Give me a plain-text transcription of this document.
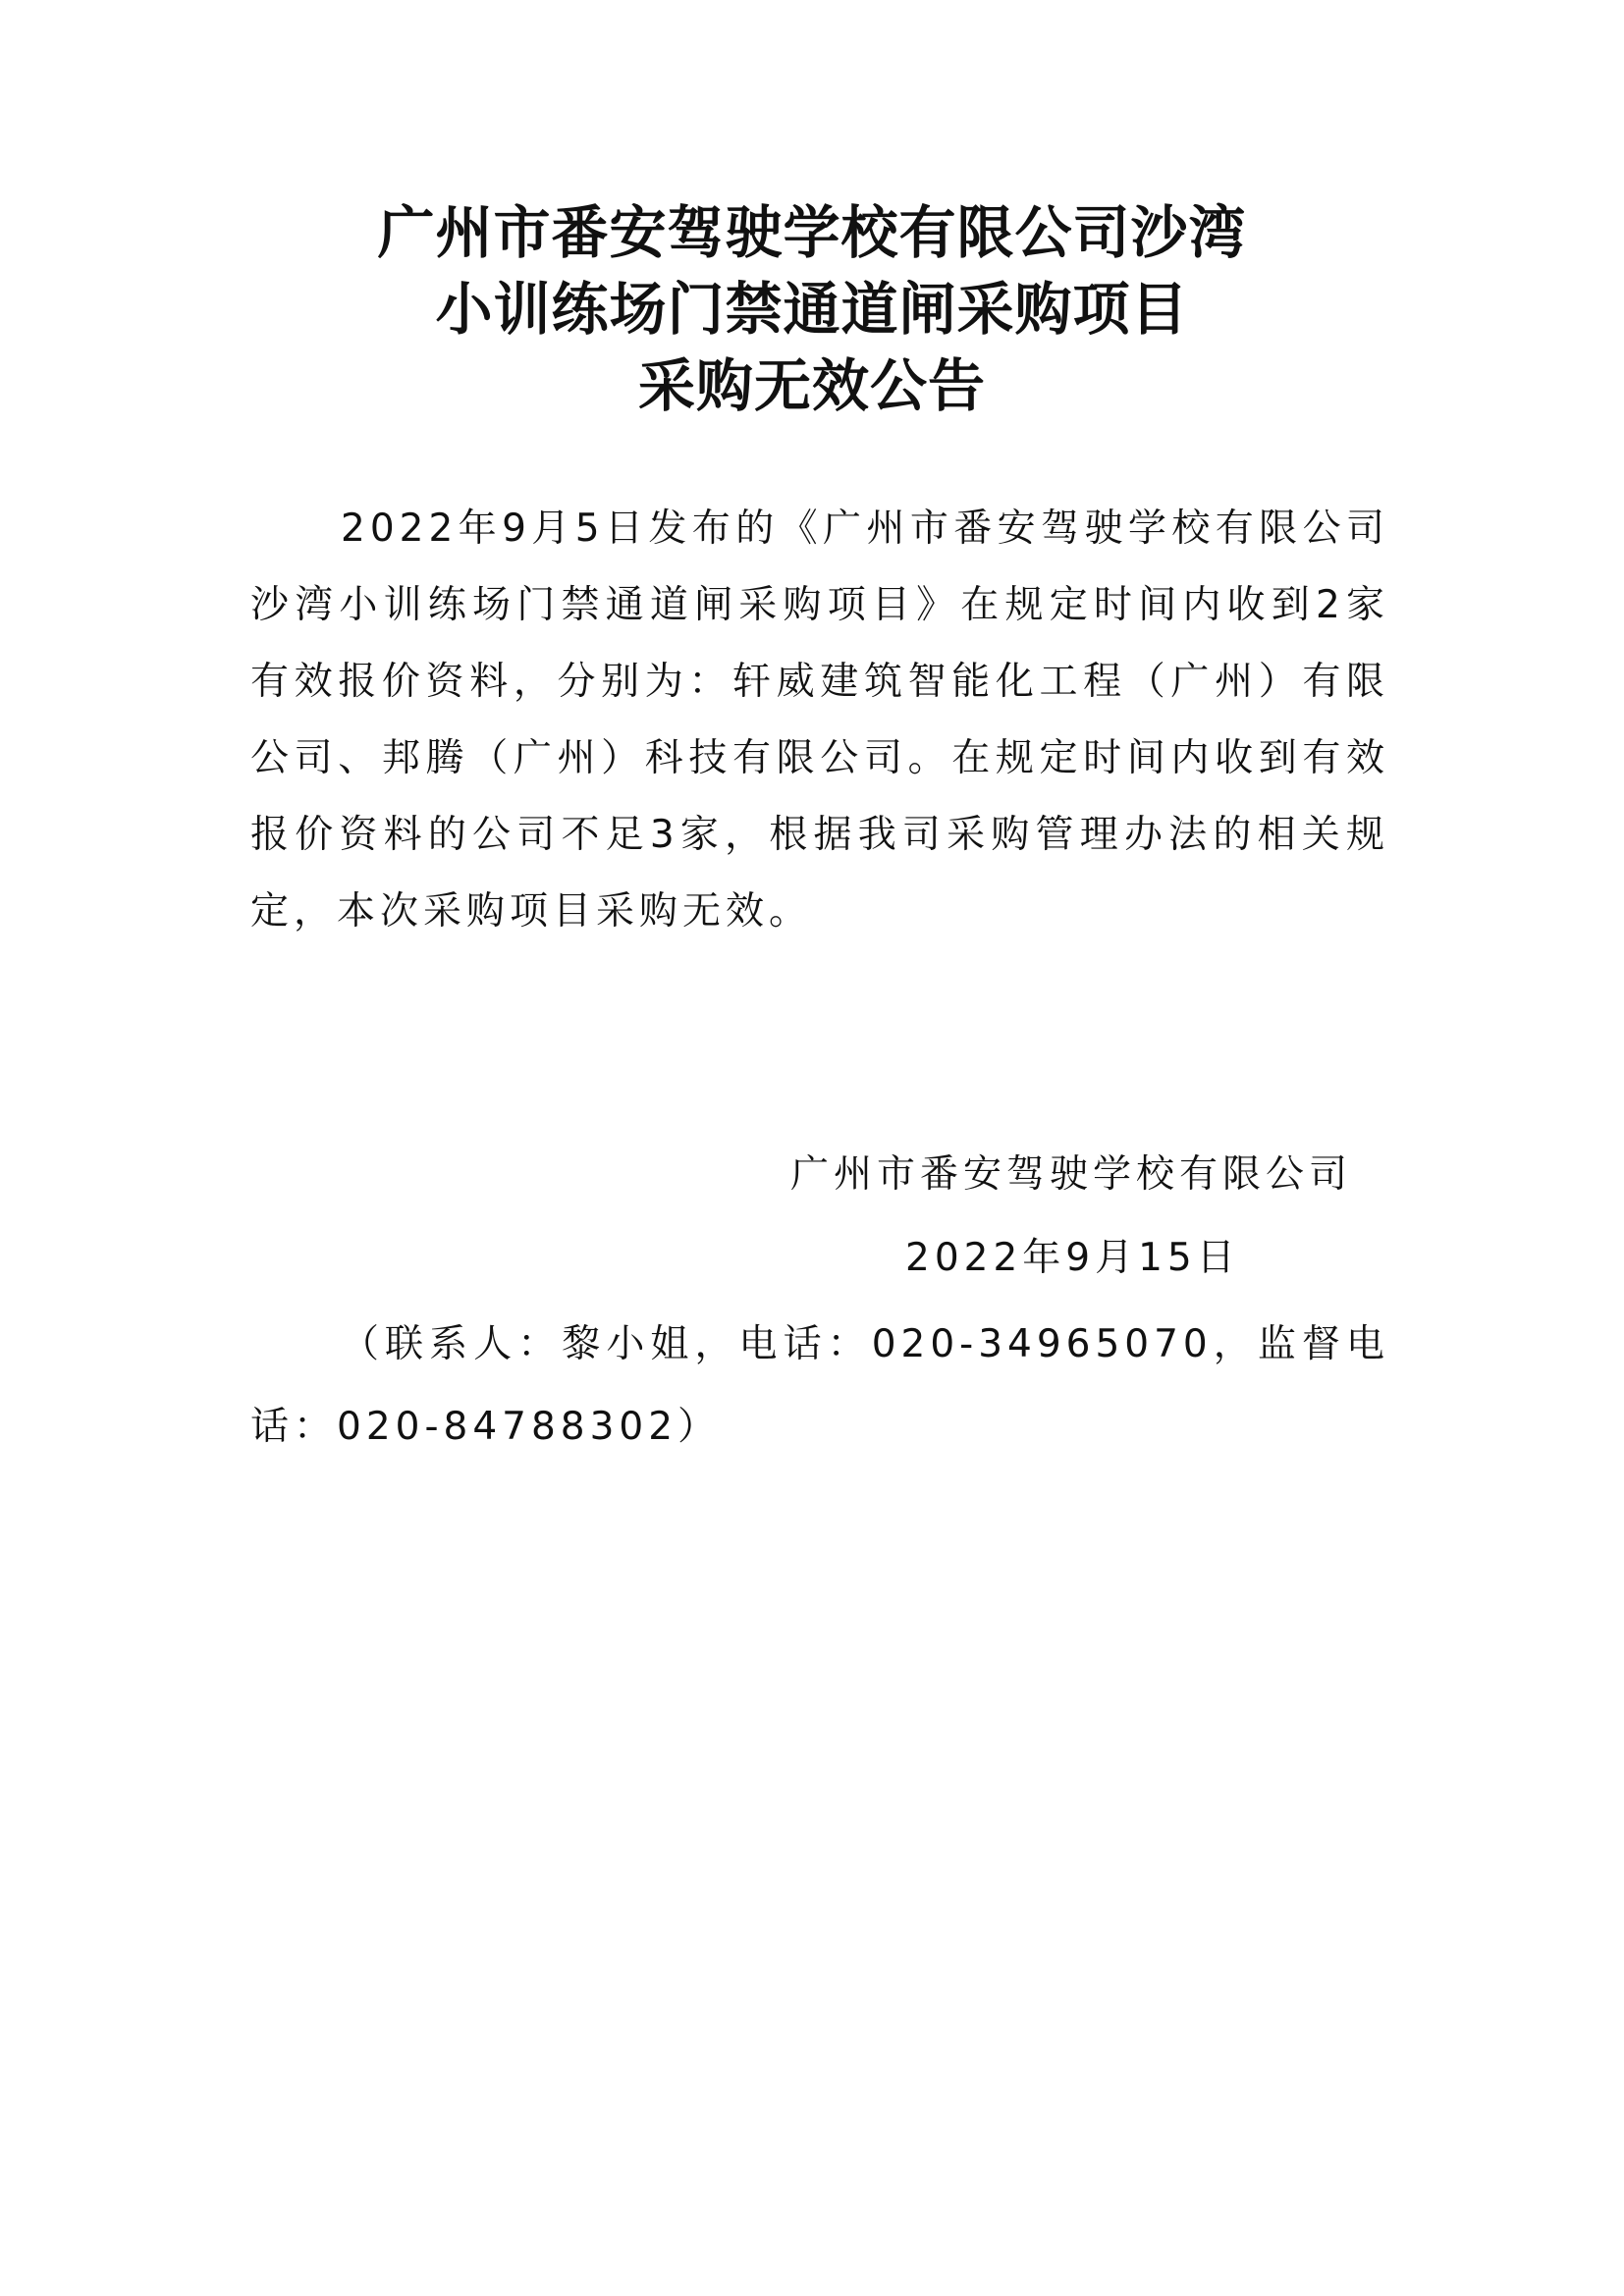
广州市番安驾驶学校有限公司沙湾
小训练场门禁通道闸采购项目
采购无效公告

2022年9月5日发布的《广州市番安驾驶学校有限公司沙湾小训练场门禁通道闸采购项目》在规定时间内收到2家有效报价资料，分别为：轩威建筑智能化工程（广州）有限公司、邦腾（广州）科技有限公司。在规定时间内收到有效报价资料的公司不足3家，根据我司采购管理办法的相关规定，本次采购项目采购无效。

广州市番安驾驶学校有限公司
2022年9月15日

（联系人：黎小姐，电话：020-34965070，监督电话：020-84788302）
